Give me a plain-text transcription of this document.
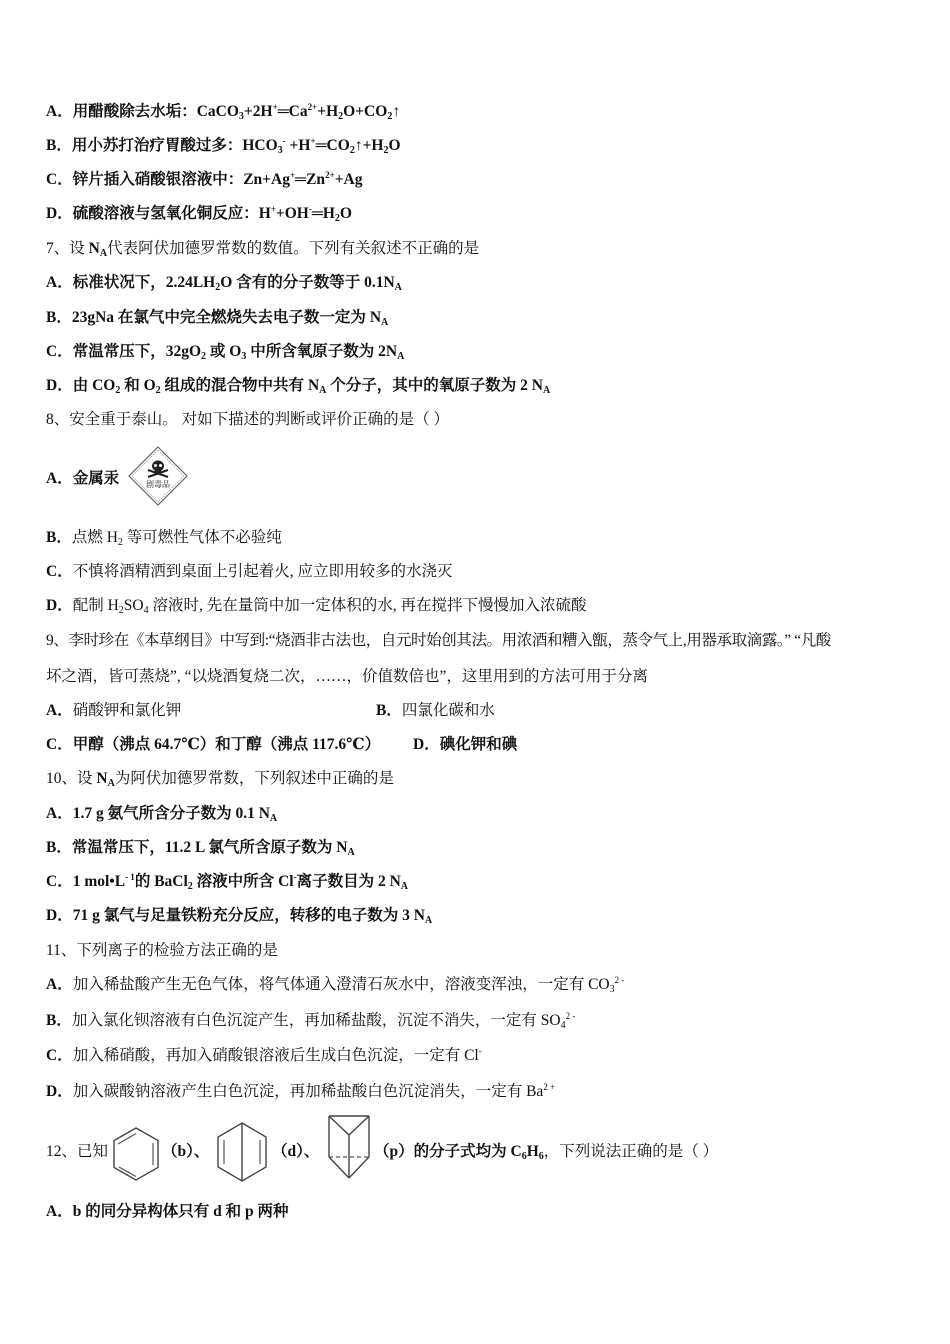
A．用醋酸除去水垢：$CaCO_3+2H^+═Ca^{2+}+H_2O+CO_2↑$
B．用小苏打治疗胃酸过多：$HCO_3^-$ $+H^+═CO_2↑+H_2O$
C．锌片插入硝酸银溶液中：$Zn+Ag^+═Zn^{2+}+Ag$
D．硫酸溶液与氢氧化铜反应：$H^++OH^-═H_2O$
7、设 $N_A$代表阿伏加德罗常数的数值。下列有关叙述不正确的是
A．标准状况下，$2.24LH_2O$ 含有的分子数等于 $0.1N_A$
B．23gNa 在氯气中完全燃烧失去电子数一定为 $N_A$
C．常温常压下，$32gO_2$ 或 $O_3$ 中所含氧原子数为 $2N_A$
D．由 $CO_2$ 和 $O_2$ 组成的混合物中共有 $N_A$ 个分子，其中的氧原子数为 2 $N_A$
8、安全重于泰山。 对如下描述的判断或评价正确的是（ ）
A．金属汞	剧毒品
B．点燃 $H_2$ 等可燃性气体不必验纯
C．不慎将酒精洒到桌面上引起着火, 应立即用较多的水浇灭
D．配制 $H_2SO_4$ 溶液时, 先在量筒中加一定体积的水, 再在搅拌下慢慢加入浓硫酸
9、李时珍在《本草纲目》中写到:“烧酒非古法也，自元时始创其法。用浓酒和糟入甑，蒸令气上,用器承取滴露。” “凡酸
坏之酒，皆可蒸烧”, “以烧酒复烧二次，……，价值数倍也”，这里用到的方法可用于分离
A．硝酸钾和氯化钾	B．四氯化碳和水
C．甲醇（沸点 64.7℃）和丁醇（沸点 117.6℃） D．碘化钾和碘
10、设 $N_A$为阿伏加德罗常数，下列叙述中正确的是
A．1.7 g 氨气所含分子数为 0.1 $N_A$
B．常温常压下，11.2 L 氯气所含原子数为 $N_A$
C．1 $mol•L^{- 1}$的 BaCl$_2$ 溶液中所含 Cl-离子数目为 2 $N_A$
D．71 g 氯气与足量铁粉充分反应，转移的电子数为 3 $N_A$
11、下列离子的检验方法正确的是
A．加入稀盐酸产生无色气体，将气体通入澄清石灰水中，溶液变浑浊，一定有 $CO_3^{2 -}$
B．加入氯化钡溶液有白色沉淀产生，再加稀盐酸，沉淀不消失，一定有 $SO_4^{2 -}$
C．加入稀硝酸，再加入硝酸银溶液后生成白色沉淀，一定有 Cl-
D．加入碳酸钠溶液产生白色沉淀，再加稀盐酸白色沉淀消失，一定有 $Ba^{2 +}$
12、已知	（b）、	（d）、	（p）的分子式均为 $C_6H_6$，下列说法正确的是（ ）
A．b 的同分异构体只有 d 和 p 两种
